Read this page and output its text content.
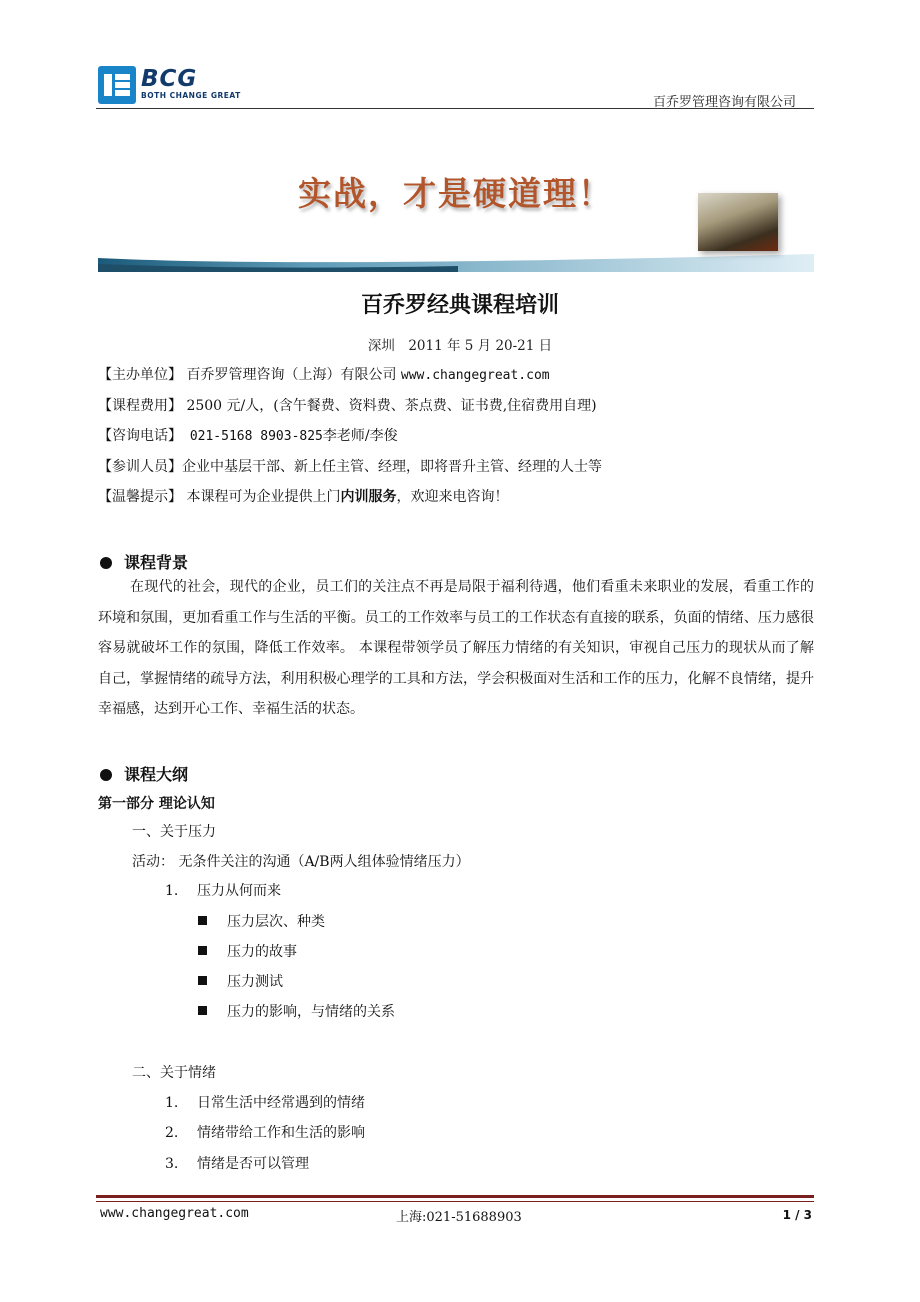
BCG
BOTH CHANGE GREAT	百乔罗管理咨询有限公司
实战，才是硬道理！
百乔罗经典课程培训
深圳　2011 年 5 月 20-21 日
【主办单位】 百乔罗管理咨询（上海）有限公司 www.changegreat.com
【课程费用】 2500 元/人，(含午餐费、资料费、茶点费、证书费,住宿费用自理)
【咨询电话】 021-5168 8903-825李老师/李俊
【参训人员】企业中基层干部、新上任主管、经理，即将晋升主管、经理的人士等
【温馨提示】 本课程可为企业提供上门内训服务，欢迎来电咨询！
课程背景
在现代的社会，现代的企业，员工们的关注点不再是局限于福利待遇，他们看重未来职业的发展，看重工作的环境和氛围，更加看重工作与生活的平衡。员工的工作效率与员工的工作状态有直接的联系，负面的情绪、压力感很容易就破坏工作的氛围，降低工作效率。 本课程带领学员了解压力情绪的有关知识，审视自己压力的现状从而了解自己，掌握情绪的疏导方法，利用积极心理学的工具和方法，学会积极面对生活和工作的压力，化解不良情绪，提升幸福感，达到开心工作、幸福生活的状态。
课程大纲
第一部分 理论认知
一、关于压力
活动： 无条件关注的沟通（A/B两人组体验情绪压力）
1. 压力从何而来
压力层次、种类
压力的故事
压力测试
压力的影响，与情绪的关系
二、关于情绪
1. 日常生活中经常遇到的情绪
2. 情绪带给工作和生活的影响
3. 情绪是否可以管理
www.changegreat.com	上海:021-51688903	1 / 3
